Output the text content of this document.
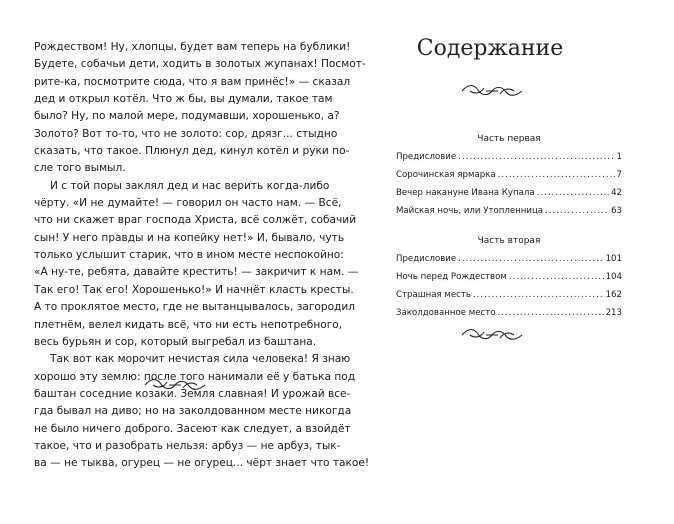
Рождеством! Ну, хлопцы, будет вам теперь на бублики!
Будете, собачьи дети, ходить в золотых жупанах! Посмот-
рите-ка, посмотрите сюда, что я вам принёс!» — сказал
дед и открыл котёл. Что ж бы, вы думали, такое там
было? Ну, по малой мере, подумавши, хорошенько, а?
Золото? Вот то-то, что не золото: сор, дрязг... стыдно
сказать, что такое. Плюнул дед, кинул котёл и руки по-
сле того вымыл.
И с той поры заклял дед и нас верить когда-либо
чёрту. «И не думайте! — говорил он часто нам. — Всё,
что ни скажет враг господа Христа, всё солжёт, собачий
сын! У него правды и на копейку нет!» И, бывало, чуть
только услышит старик, что в ином месте неспокойно:
«А ну-те, ребята, давайте крестить! — закричит к нам. —
Так его! Так его! Хорошенько!» И начнёт класть кресты.
А то проклятое место, где не вытанцывалось, загородил
плетнём, велел кидать всё, что ни есть непотребного,
весь бурьян и сор, который выгребал из баштана.
Так вот как морочит нечистая сила человека! Я знаю
хорошо эту землю: после того нанимали её у батька под
баштан соседние козаки. Земля славная! И урожай все-
гда бывал на диво; но на заколдованном месте никогда
не было ничего доброго. Засеют как следует, а взойдёт
такое, что и разобрать нельзя: арбуз — не арбуз, тык-
ва — не тыква, огурец — не огурец... чёрт знает что такое!
Содержание
Часть первая
Предисловие .....	1
Сорочинская ярмарка .....	7
Вечер накануне Ивана Купала .....	42
Майская ночь, или Утопленница .....	63
Часть вторая
Предисловие .....	101
Ночь перед Рождеством .....	104
Страшная месть .....	162
Заколдованное место .....	213
